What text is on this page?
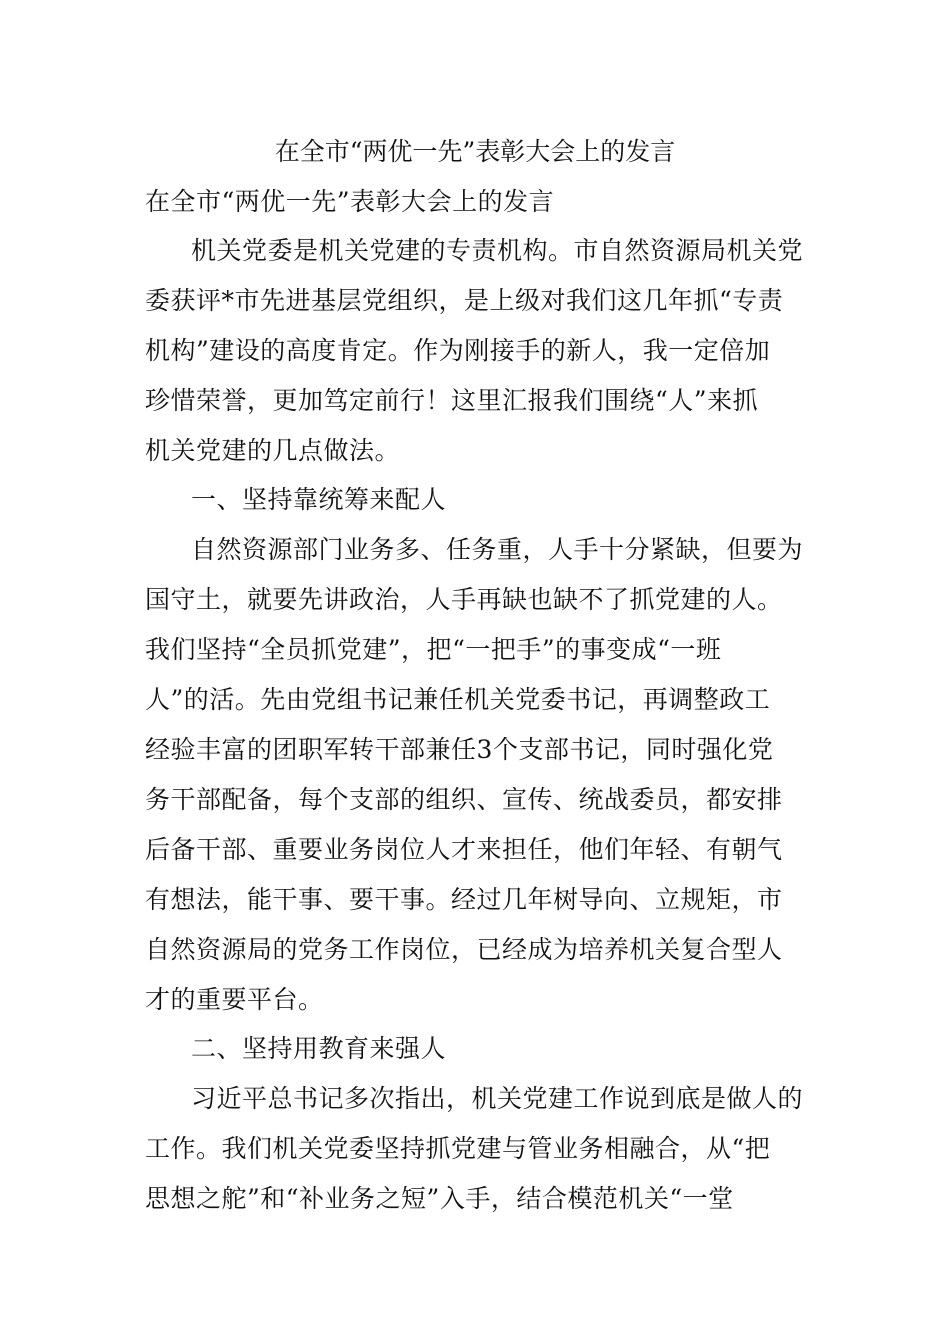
在全市“两优一先”表彰大会上的发言
在全市“两优一先”表彰大会上的发言
机关党委是机关党建的专责机构。市自然资源局机关党
委获评*市先进基层党组织，是上级对我们这几年抓“专责
机构”建设的高度肯定。作为刚接手的新人，我一定倍加
珍惜荣誉，更加笃定前行！这里汇报我们围绕“人”来抓
机关党建的几点做法。
一、坚持靠统筹来配人
自然资源部门业务多、任务重，人手十分紧缺，但要为
国守土，就要先讲政治，人手再缺也缺不了抓党建的人。
我们坚持“全员抓党建”，把“一把手”的事变成“一班
人”的活。先由党组书记兼任机关党委书记，再调整政工
经验丰富的团职军转干部兼任3个支部书记，同时强化党
务干部配备，每个支部的组织、宣传、统战委员，都安排
后备干部、重要业务岗位人才来担任，他们年轻、有朝气
有想法，能干事、要干事。经过几年树导向、立规矩，市
自然资源局的党务工作岗位，已经成为培养机关复合型人
才的重要平台。
二、坚持用教育来强人
习近平总书记多次指出，机关党建工作说到底是做人的
工作。我们机关党委坚持抓党建与管业务相融合，从“把
思想之舵”和“补业务之短”入手，结合模范机关“一堂
